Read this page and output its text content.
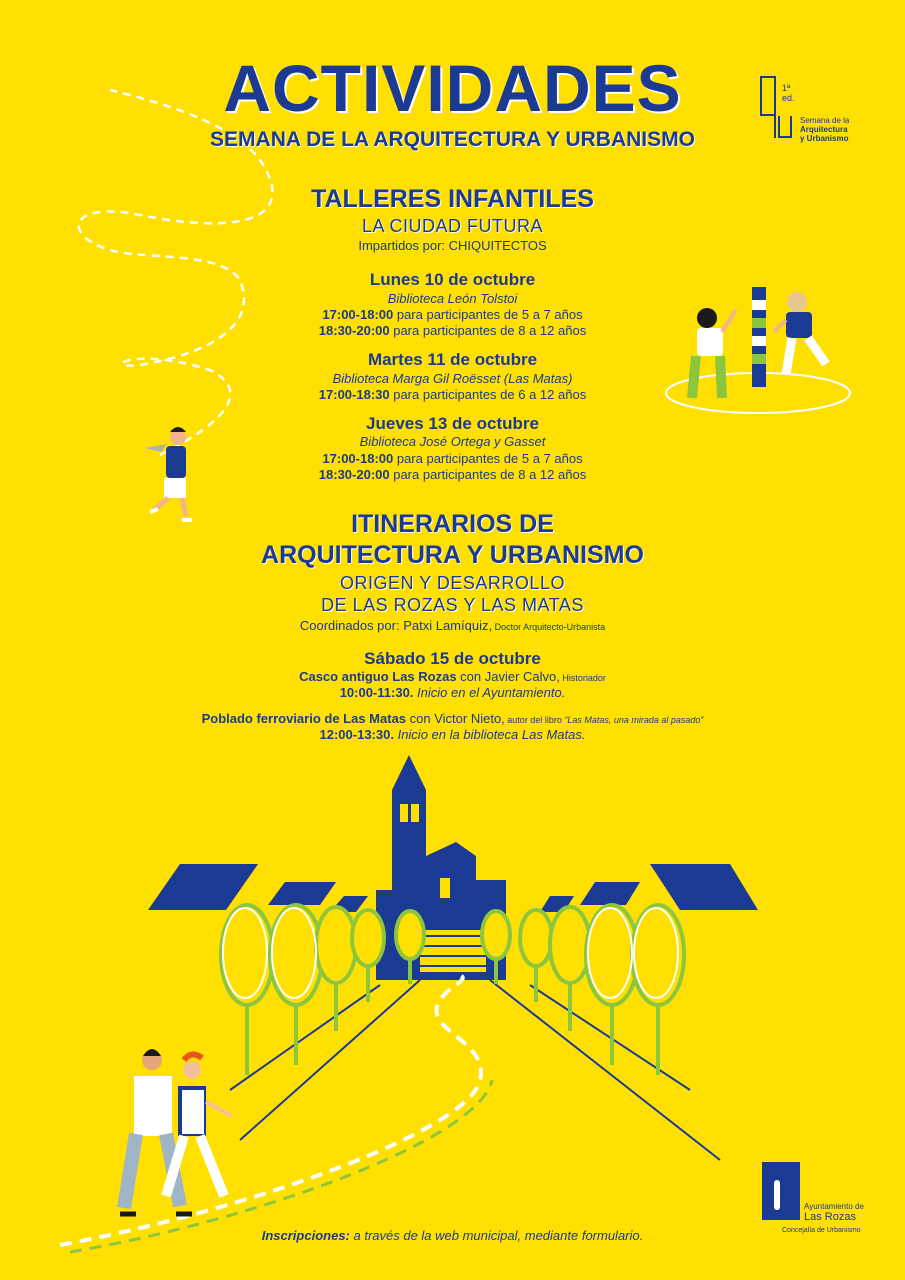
1ª
ed.
Semana de la
Arquitectura
y Urbanismo
ACTIVIDADES
SEMANA DE LA ARQUITECTURA Y URBANISMO
TALLERES INFANTILES
LA CIUDAD FUTURA
Impartidos por: CHIQUITECTOS
Lunes 10 de octubre
Biblioteca León Tolstoi
17:00-18:00 para participantes de 5 a 7 años
18:30-20:00 para participantes de 8 a 12 años
Martes 11 de octubre
Biblioteca Marga Gil Roësset (Las Matas)
17:00-18:30 para participantes de 6 a 12 años
Jueves 13 de octubre
Biblioteca José Ortega y Gasset
17:00-18:00 para participantes de 5 a 7 años
18:30-20:00 para participantes de 8 a 12 años
ITINERARIOS DE
ARQUITECTURA Y URBANISMO
ORIGEN Y DESARROLLO
DE LAS ROZAS Y LAS MATAS
Coordinados por: Patxi Lamíquiz, Doctor Arquitecto-Urbanista
Sábado 15 de octubre
Casco antiguo Las Rozas con Javier Calvo, Historiador
10:00-11:30. Inicio en el Ayuntamiento.
Poblado ferroviario de Las Matas con Victor Nieto, autor del libro “Las Matas, una mirada al pasado”
12:00-13:30. Inicio en la biblioteca Las Matas.
Inscripciones: a través de la web municipal, mediante formulario.
Ayuntamiento de
Las Rozas
Concejalía de Urbanismo
